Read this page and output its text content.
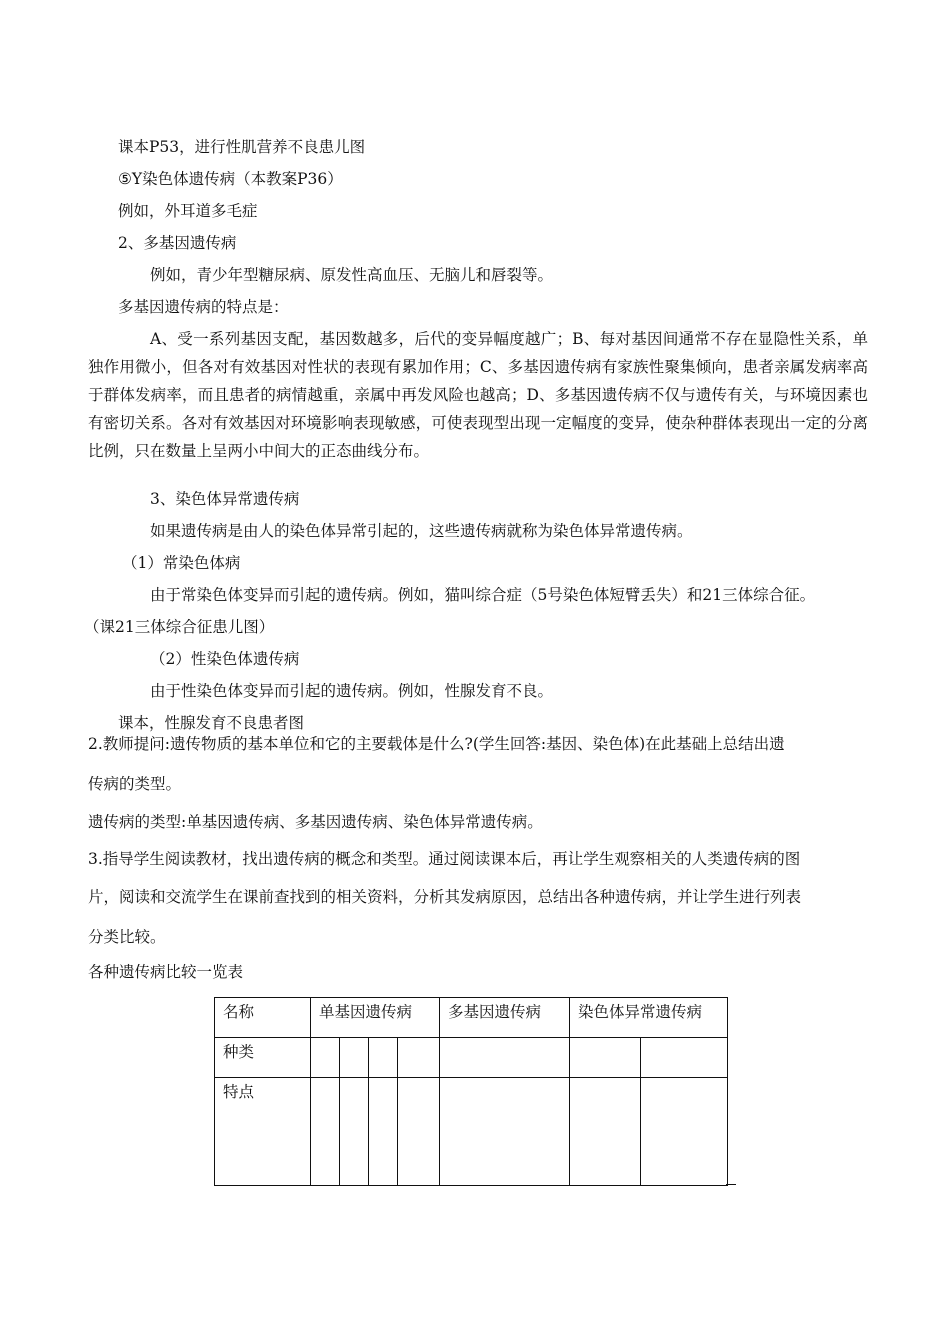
课本P53，进行性肌营养不良患儿图
⑤Y染色体遗传病（本教案P36）
例如，外耳道多毛症
2、多基因遗传病
例如，青少年型糖尿病、原发性高血压、无脑儿和唇裂等。
多基因遗传病的特点是：
A、受一系列基因支配，基因数越多，后代的变异幅度越广；B、每对基因间通常不存在显隐性关系，单独作用微小，但各对有效基因对性状的表现有累加作用；C、多基因遗传病有家族性聚集倾向，患者亲属发病率高于群体发病率，而且患者的病情越重，亲属中再发风险也越高；D、多基因遗传病不仅与遗传有关，与环境因素也有密切关系。各对有效基因对环境影响表现敏感，可使表现型出现一定幅度的变异，使杂种群体表现出一定的分离比例，只在数量上呈两小中间大的正态曲线分布。
3、染色体异常遗传病
如果遗传病是由人的染色体异常引起的，这些遗传病就称为染色体异常遗传病。
（1）常染色体病
由于常染色体变异而引起的遗传病。例如，猫叫综合症（5号染色体短臂丢失）和21三体综合征。
（课21三体综合征患儿图）
（2）性染色体遗传病
由于性染色体变异而引起的遗传病。例如，性腺发育不良。
课本，性腺发育不良患者图
2.教师提问:遗传物质的基本单位和它的主要载体是什么?(学生回答:基因、染色体)在此基础上总结出遗
传病的类型。
遗传病的类型:单基因遗传病、多基因遗传病、染色体异常遗传病。
3.指导学生阅读教材，找出遗传病的概念和类型。通过阅读课本后，再让学生观察相关的人类遗传病的图
片，阅读和交流学生在课前查找到的相关资料，分析其发病原因，总结出各种遗传病，并让学生进行列表
分类比较。
各种遗传病比较一览表
名称	单基因遗传病				多基因遗传病	染色体异常遗传病	
种类							
特点							
